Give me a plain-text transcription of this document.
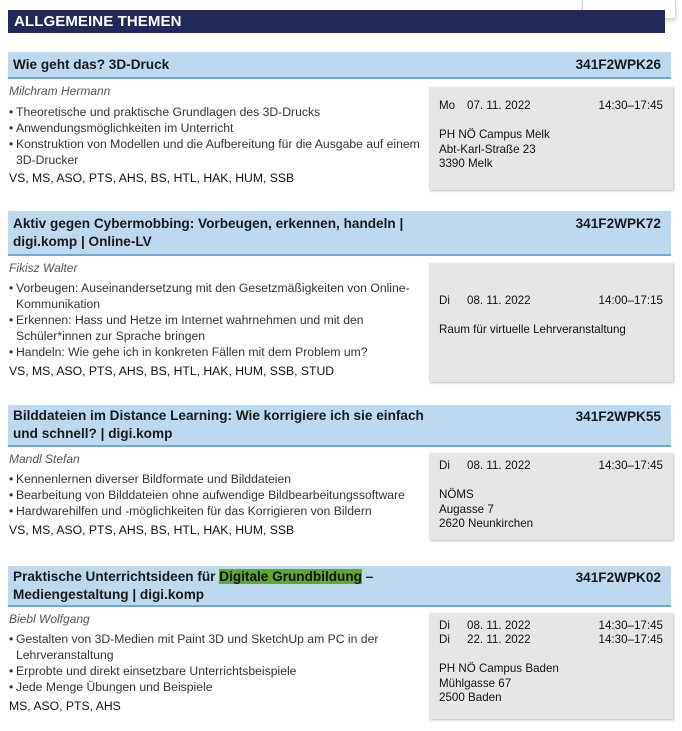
ALLGEMEINE THEMEN
Wie geht das? 3D-Druck	341F2WPK26
Milchram Hermann
• Theoretische und praktische Grundlagen des 3D-Drucks
• Anwendungsmöglichkeiten im Unterricht
• Konstruktion von Modellen und die Aufbereitung für die Ausgabe auf einem 3D-Drucker
VS, MS, ASO, PTS, AHS, BS, HTL, HAK, HUM, SSB
Mo 07. 11. 2022	14:30–17:45
PH NÖ Campus Melk
Abt-Karl-Straße 23
3390 Melk
Aktiv gegen Cybermobbing: Vorbeugen, erkennen, handeln | digi.komp | Online-LV
341F2WPK72
Fikisz Walter
• Vorbeugen: Auseinandersetzung mit den Gesetzmäßigkeiten von Online-Kommunikation
• Erkennen: Hass und Hetze im Internet wahrnehmen und mit den Schüler*innen zur Sprache bringen
• Handeln: Wie gehe ich in konkreten Fällen mit dem Problem um?
VS, MS, ASO, PTS, AHS, BS, HTL, HAK, HUM, SSB, STUD
Di 08. 11. 2022	14:00–17:15
Raum für virtuelle Lehrveranstaltung
Bilddateien im Distance Learning: Wie korrigiere ich sie einfach und schnell? | digi.komp
341F2WPK55
Mandl Stefan
• Kennenlernen diverser Bildformate und Bilddateien
• Bearbeitung von Bilddateien ohne aufwendige Bildbearbeitungssoftware
• Hardwarehilfen und -möglichkeiten für das Korrigieren von Bildern
VS, MS, ASO, PTS, AHS, BS, HTL, HAK, HUM, SSB
Di 08. 11. 2022	14:30–17:45
NÖMS
Augasse 7
2620 Neunkirchen
Praktische Unterrichtsideen für Digitale Grundbildung – Mediengestaltung | digi.komp
341F2WPK02
Biebl Wolfgang
• Gestalten von 3D-Medien mit Paint 3D und SketchUp am PC in der Lehrveranstaltung
• Erprobte und direkt einsetzbare Unterrichtsbeispiele
• Jede Menge Übungen und Beispiele
MS, ASO, PTS, AHS
Di 08. 11. 2022	14:30–17:45
Di 22. 11. 2022	14:30–17:45
PH NÖ Campus Baden
Mühlgasse 67
2500 Baden
